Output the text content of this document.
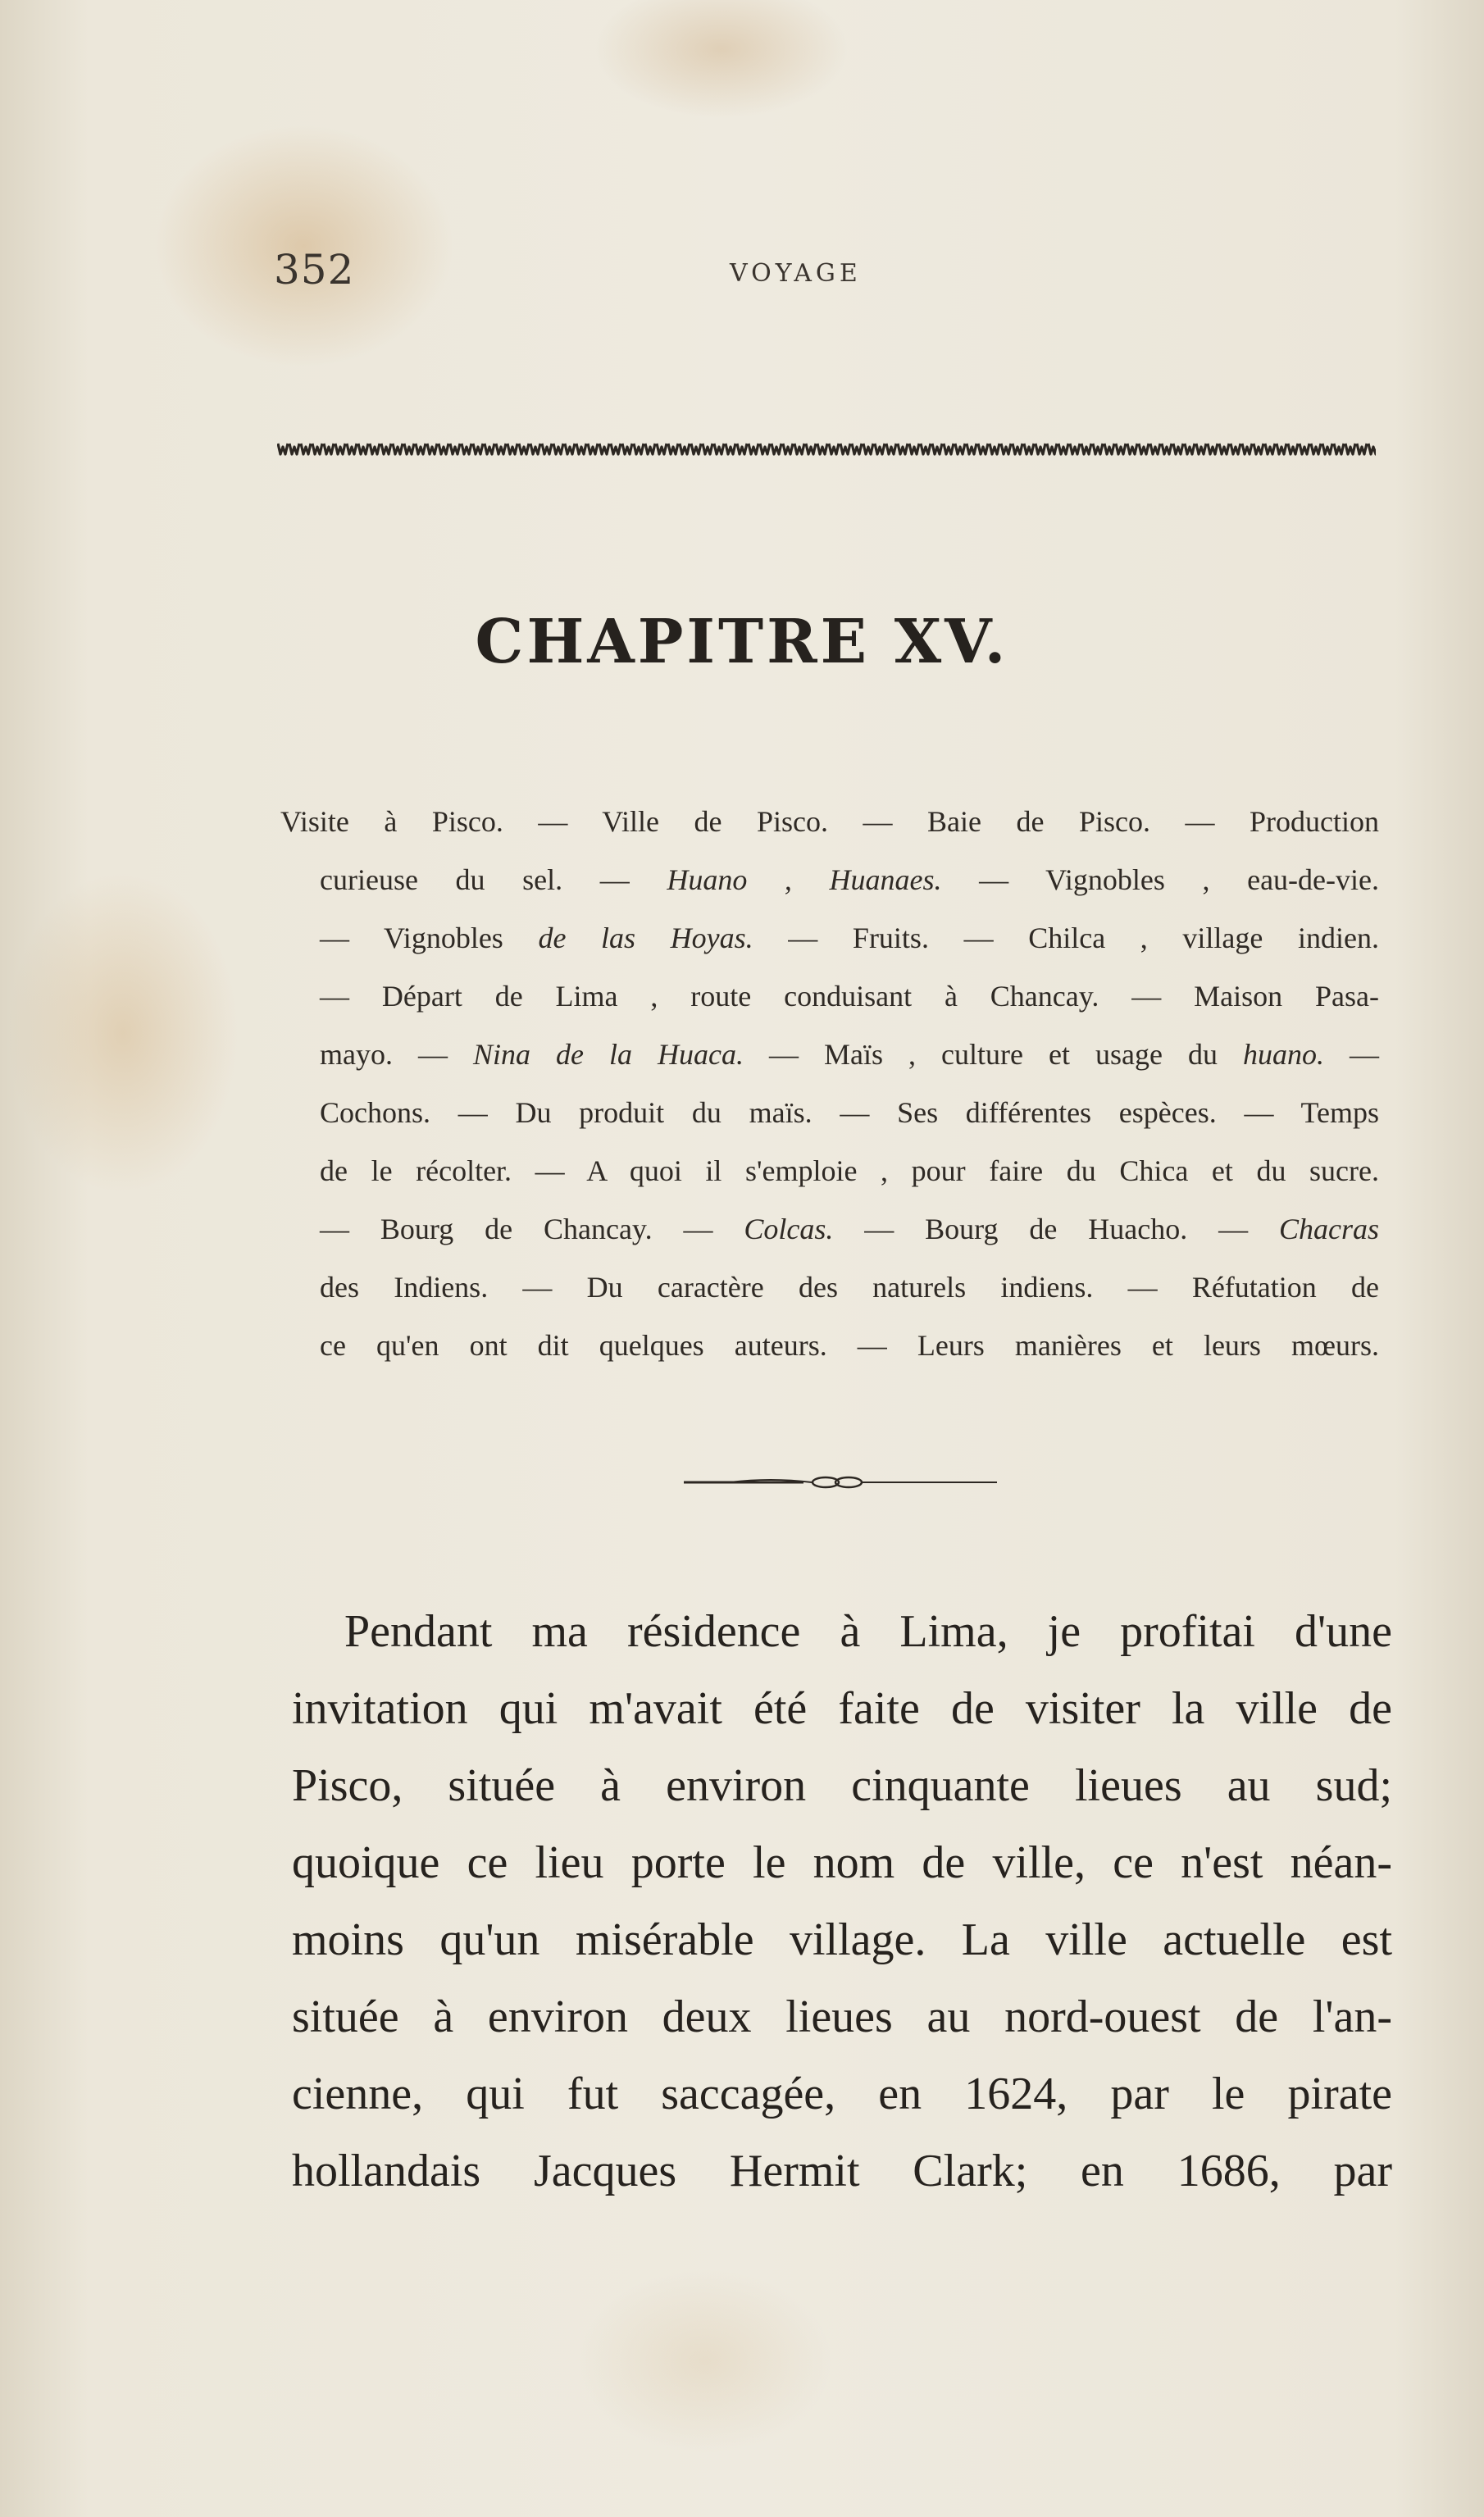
352	VOYAGE
CHAPITRE XV.
Visite à Pisco. — Ville de Pisco. — Baie de Pisco. — Production
curieuse du sel. — Huano , Huanaes. — Vignobles , eau-de-vie.
— Vignobles de las Hoyas. — Fruits. — Chilca , village indien.
— Départ de Lima , route conduisant à Chancay. — Maison Pasa-
mayo. — Nina de la Huaca. — Maïs , culture et usage du huano. —
Cochons. — Du produit du maïs. — Ses différentes espèces. — Temps
de le récolter. — A quoi il s'emploie , pour faire du Chica et du sucre.
— Bourg de Chancay. — Colcas. — Bourg de Huacho. — Chacras
des Indiens. — Du caractère des naturels indiens. — Réfutation de
ce qu'en ont dit quelques auteurs. — Leurs manières et leurs mœurs.
Pendant ma résidence à Lima, je profitai d'une
invitation qui m'avait été faite de visiter la ville de
Pisco, située à environ cinquante lieues au sud;
quoique ce lieu porte le nom de ville, ce n'est néan-
moins qu'un misérable village. La ville actuelle est
située à environ deux lieues au nord-ouest de l'an-
cienne, qui fut saccagée, en 1624, par le pirate
hollandais Jacques Hermit Clark; en 1686, par
